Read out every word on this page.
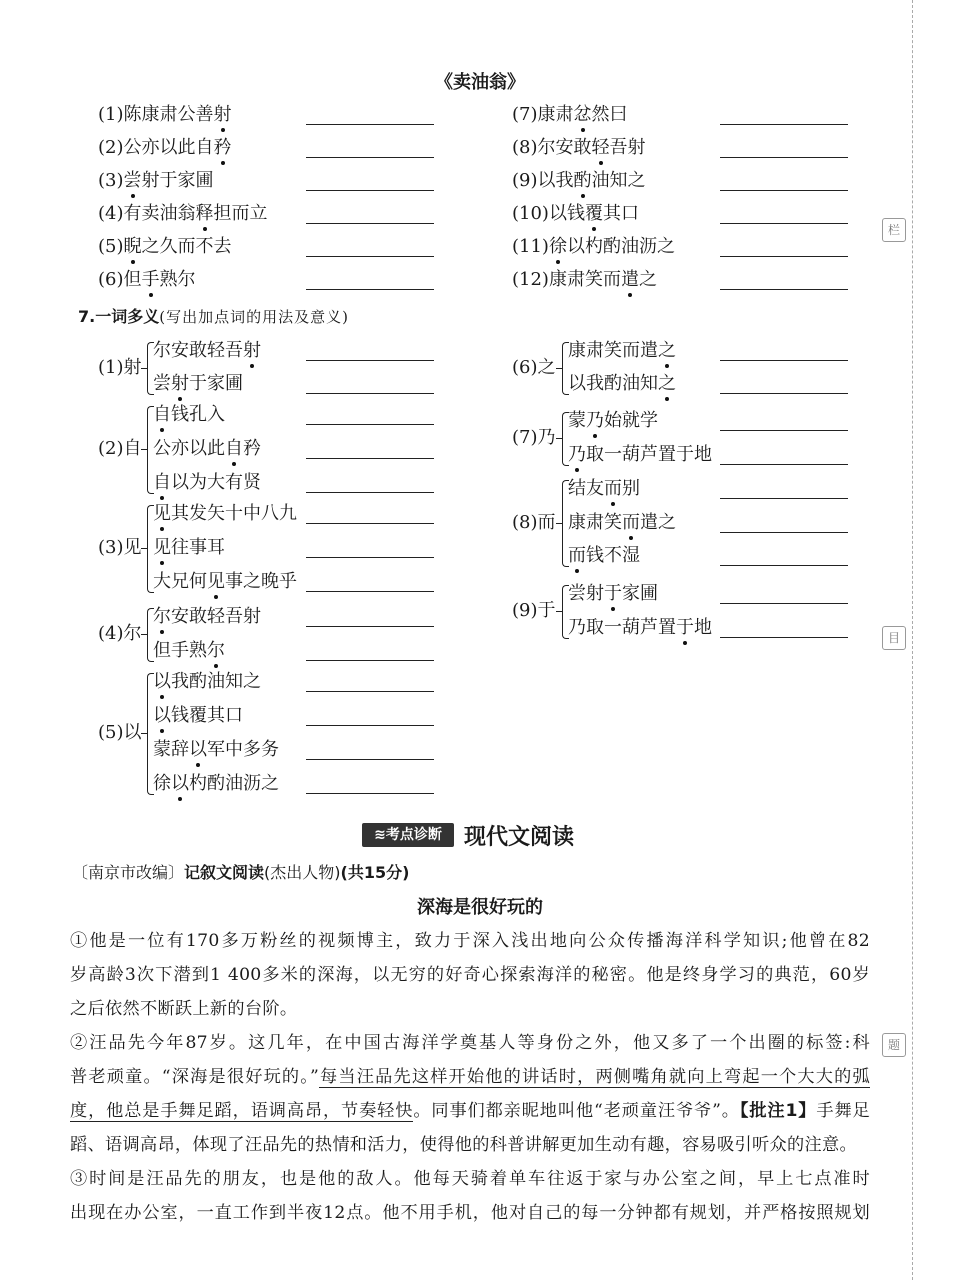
栏
目
题
《卖油翁》
(1)陈康肃公善射	(7)康肃忿然曰
(2)公亦以此自矜	(8)尔安敢轻吾射
(3)尝射于家圃	(9)以我酌油知之
(4)有卖油翁释担而立	(10)以钱覆其口
(5)睨之久而不去	(11)徐以杓酌油沥之
(6)但手熟尔	(12)康肃笑而遣之
7.一词多义(写出加点词的用法及意义)
(1)射
尔安敢轻吾射
尝射于家圃
(2)自
自钱孔入
公亦以此自矜
自以为大有贤
(3)见
见其发矢十中八九
见往事耳
大兄何见事之晚乎
(4)尔
尔安敢轻吾射
但手熟尔
(5)以
以我酌油知之
以钱覆其口
蒙辞以军中多务
徐以杓酌油沥之
(6)之
康肃笑而遣之
以我酌油知之
(7)乃
蒙乃始就学
乃取一葫芦置于地
(8)而
结友而别
康肃笑而遣之
而钱不湿
(9)于
尝射于家圃
乃取一葫芦置于地
≋考点诊断	现代文阅读
〔南京市改编〕记叙文阅读(杰出人物)(共15分)
深海是很好玩的

①他是一位有170多万粉丝的视频博主，致力于深入浅出地向公众传播海洋科学知识;他曾在82

岁高龄3次下潜到1 400多米的深海，以无穷的好奇心探索海洋的秘密。他是终身学习的典范，60岁

之后依然不断跃上新的台阶。

②汪品先今年87岁。这几年，在中国古海洋学奠基人等身份之外，他又多了一个出圈的标签:科

普老顽童。“深海是很好玩的。”每当汪品先这样开始他的讲话时，两侧嘴角就向上弯起一个大大的弧

度，他总是手舞足蹈，语调高昂，节奏轻快。同事们都亲昵地叫他“老顽童汪爷爷”。【批注1】手舞足

蹈、语调高昂，体现了汪品先的热情和活力，使得他的科普讲解更加生动有趣，容易吸引听众的注意。

③时间是汪品先的朋友，也是他的敌人。他每天骑着单车往返于家与办公室之间，早上七点准时

出现在办公室，一直工作到半夜12点。他不用手机，他对自己的每一分钟都有规划，并严格按照规划
